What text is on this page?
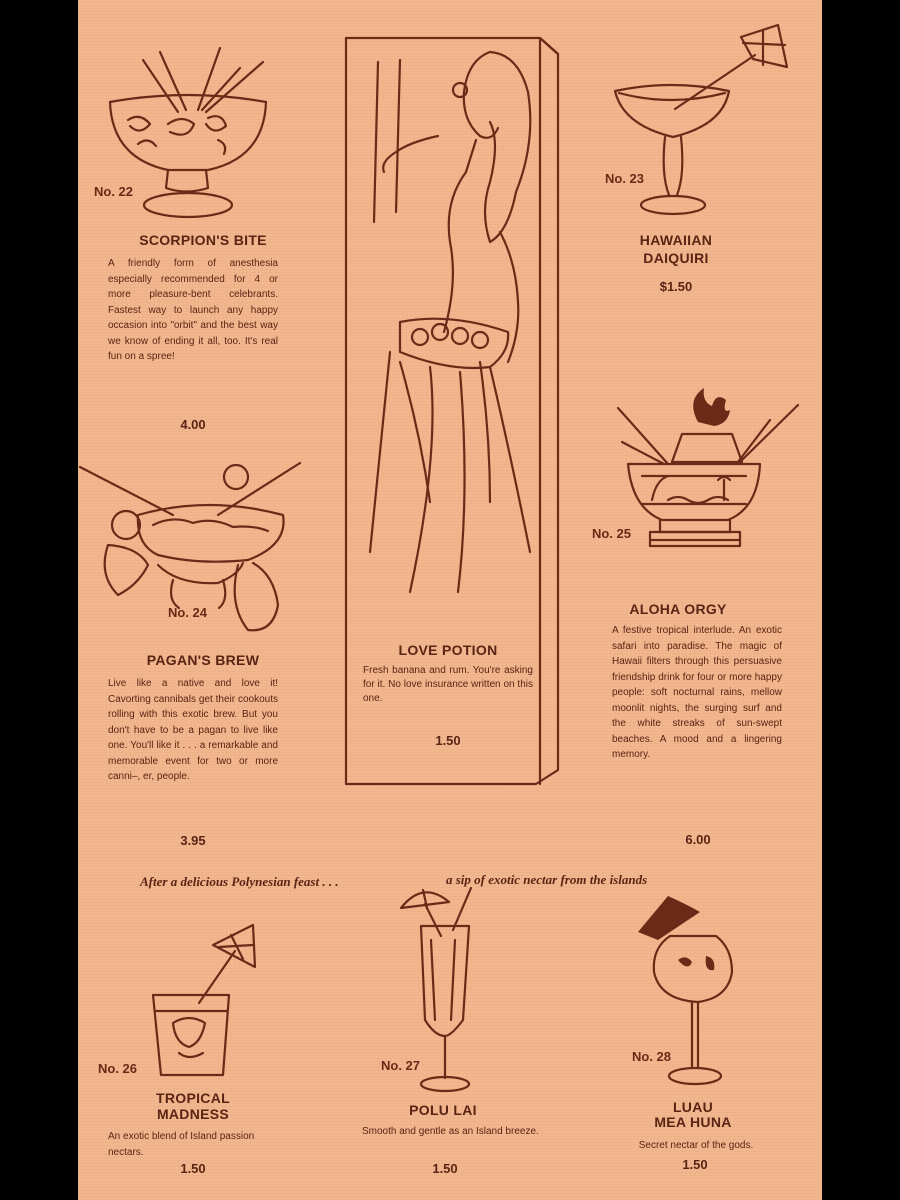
No. 22
SCORPION'S BITE
A friendly form of anesthesia especially recommended for 4 or more pleasure-bent celebrants. Fastest way to launch any happy occasion into "orbit" and the best way we know of ending it all, too. It's real fun on a spree!
4.00
No. 24
PAGAN'S BREW
Live like a native and love it! Cavorting cannibals get their cookouts rolling with this exotic brew. But you don't have to be a pagan to live like one. You'll like it . . . a remarkable and memorable event for two or more canni–, er, people.
3.95
LOVE POTION
Fresh banana and rum. You're asking for it. No love insurance written on this one.
1.50
No. 23
HAWAIIAN
DAIQUIRI
$1.50
No. 25
ALOHA ORGY
A festive tropical interlude. An exotic safari into paradise. The magic of Hawaii filters through this persuasive friendship drink for four or more happy people: soft nocturnal rains, mellow moonlit nights, the surging surf and the white streaks of sun-swept beaches. A mood and a lingering memory.
6.00
After a delicious Polynesian feast . . .	a sip of exotic nectar from the islands
No. 26
TROPICAL
MADNESS
An exotic blend of Island passion nectars.
1.50
No. 27
POLU LAI
Smooth and gentle as an Island breeze.
1.50
No. 28
LUAU
MEA HUNA
Secret nectar of the gods.
1.50
